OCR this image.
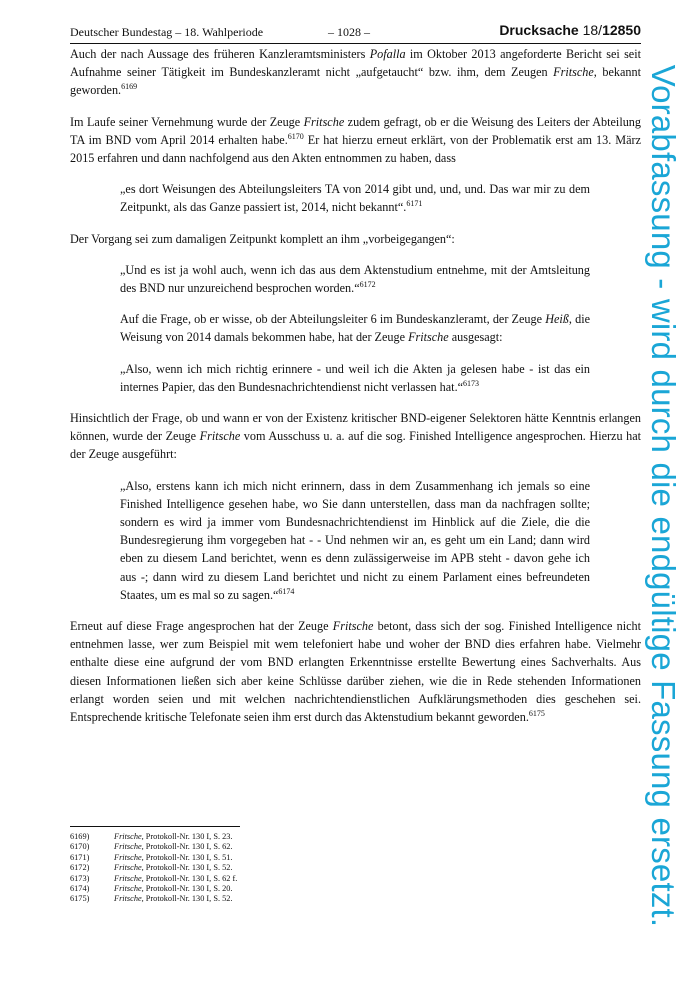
Deutscher Bundestag – 18. Wahlperiode	– 1028 –	Drucksache 18/12850

Auch der nach Aussage des früheren Kanzleramtsministers Pofalla im Oktober 2013 angeforderte Bericht sei seit Aufnahme seiner Tätigkeit im Bundeskanzleramt nicht „aufgetaucht“ bzw. ihm, dem Zeugen Fritsche, bekannt geworden.$^{6169}$

Im Laufe seiner Vernehmung wurde der Zeuge Fritsche zudem gefragt, ob er die Weisung des Leiters der Abteilung TA im BND vom April 2014 erhalten habe.$^{6170}$ Er hat hierzu erneut erklärt, von der Problematik erst am 13. März 2015 erfahren und dann nachfolgend aus den Akten entnommen zu haben, dass

„es dort Weisungen des Abteilungsleiters TA von 2014 gibt und, und, und. Das war mir zu dem Zeitpunkt, als das Ganze passiert ist, 2014, nicht bekannt“.$^{6171}$

Der Vorgang sei zum damaligen Zeitpunkt komplett an ihm „vorbeigegangen“:

„Und es ist ja wohl auch, wenn ich das aus dem Aktenstudium entnehme, mit der Amtsleitung des BND nur unzureichend besprochen worden.“$^{6172}$

Auf die Frage, ob er wisse, ob der Abteilungsleiter 6 im Bundeskanzleramt, der Zeuge Heiß, die Weisung von 2014 damals bekommen habe, hat der Zeuge Fritsche ausgesagt:

„Also, wenn ich mich richtig erinnere - und weil ich die Akten ja gelesen habe - ist das ein internes Papier, das den Bundesnachrichtendienst nicht verlassen hat.“$^{6173}$

Hinsichtlich der Frage, ob und wann er von der Existenz kritischer BND-eigener Selektoren hätte Kenntnis erlangen können, wurde der Zeuge Fritsche vom Ausschuss u. a. auf die sog. Finished Intelligence angesprochen. Hierzu hat der Zeuge ausgeführt:

„Also, erstens kann ich mich nicht erinnern, dass in dem Zusammenhang ich jemals so eine Finished Intelligence gesehen habe, wo Sie dann unterstellen, dass man da nachfragen sollte; sondern es wird ja immer vom Bundesnachrichtendienst im Hinblick auf die Ziele, die die Bundesregierung ihm vorgegeben hat - - Und nehmen wir an, es geht um ein Land; dann wird eben zu diesem Land berichtet, wenn es denn zulässigerweise im APB steht - davon gehe ich aus -; dann wird zu diesem Land berichtet und nicht zu einem Parlament eines befreundeten Staates, um es mal so zu sagen.“$^{6174}$

Erneut auf diese Frage angesprochen hat der Zeuge Fritsche betont, dass sich der sog. Finished Intelligence nicht entnehmen lasse, wer zum Beispiel mit wem telefoniert habe und woher der BND dies erfahren habe. Vielmehr enthalte diese eine aufgrund der vom BND erlangten Erkenntnisse erstellte Bewertung eines Sachverhalts. Aus diesen Informationen ließen sich aber keine Schlüsse darüber ziehen, wie die in Rede stehenden Informationen erlangt worden seien und mit welchen nachrichtendienstlichen Aufklärungsmethoden dies geschehen sei. Entsprechende kritische Telefonate seien ihm erst durch das Aktenstudium bekannt geworden.$^{6175}$

6169)	Fritsche, Protokoll-Nr. 130 I, S. 23.
6170)	Fritsche, Protokoll-Nr. 130 I, S. 62.
6171)	Fritsche, Protokoll-Nr. 130 I, S. 51.
6172)	Fritsche, Protokoll-Nr. 130 I, S. 52.
6173)	Fritsche, Protokoll-Nr. 130 I, S. 62 f.
6174)	Fritsche, Protokoll-Nr. 130 I, S. 20.
6175)	Fritsche, Protokoll-Nr. 130 I, S. 52.	Vorabfassung - wird durch die endgültige Fassung ersetzt.
